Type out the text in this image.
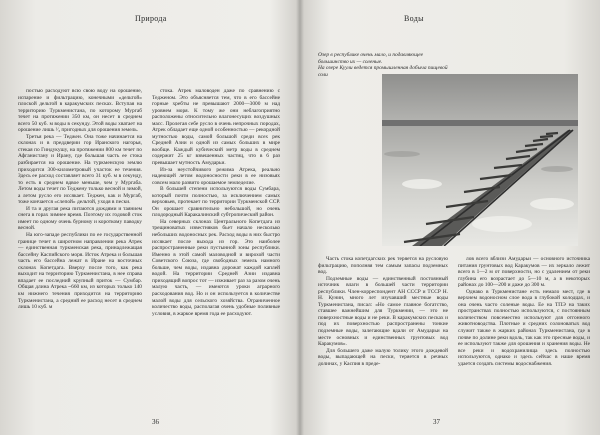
Природа

постью расходуют всю свою воду на орошение, испарение и фильтрацию, конечными «дельтой» плоской дельтой в каракумских песках. Вступая на территорию Туркменистана, по которому Мургаб течет на протяжении 350 км, он несет в среднем всего 50 куб. м воды в секунду. Этой воды хватает на орошение лишь ¹⁄₃ пригодных для орошения земель.

Третья река — Теджен. Она тоже начинается на склонах и в преддверии гор Иранского нагорья, стекая по Гиндукушу, на протяжении 800 км течет по Афганистану и Ирану, где большая часть ее стока разбирается на орошение. На туркменскую землю приходится 300-километровый участок ее течения. Здесь ее расход составляет всего 31 куб. м в секунду, то есть в среднем вдвое меньше, чем у Мургаба. Летом воды течет по Теджену только весной и зимой, а летом русло его иссякает. Теджен, как и Мургаб, тоже кончается «слепой» дельтой, уходя в пески.

И та и другая река питаются дождями и таянием снега в горах зимнее время. Поэтому их годовой сток имеет по одному очень бурному и короткому паводку весной.

На юго-западе республики по ее государственной границе течет в широтном направлении река Атрек — единственная туркменская река, принадлежащая бассейну Каспийского моря. Исток Атрека и большая часть его бассейна лежат в Иране на восточных склонах Копетдага. Вверху после того, как река выходит на территорию Туркменистана, в нее справа впадает ее последний крупный приток — Сумбар. Общая длина Атрека ~660 км, из которых только 140 км нижнего течения приходится на территорию Туркменистана, а средний ее расход несет в среднем лишь 10 куб. м

стока. Атрек маловоден даже по сравнению с Тедженом. Это объясняется тем, что в его бассейне горные хребты не превышают 2000—3000 м над уровнем моря. К тому же они неблагоприятно расположены относительно влагонесущих воздушных масс. Пролегая себе русло в очень непрочных породах, Атрек обладает еще одной особенностью — рекордной мутностью воды, самой большой среди всех рек Средней Азии и одной из самых больших в мире вообще. Каждый кубический метр воды в среднем содержит 25 кг взвешенных частиц, что в 6 раз превышает мутность Амударьи.

Из-за неустойчивого режима Атрека, реально надеющей летом водоносности реки в ее низовьях совсем мало развито орошаемое земледелие.

В большей степени используются воды Сумбара, который почти полностью, за исключением самых верховьев, протекает по территории Туркменской ССР. Он орошает сравнительно небольшой, но очень плодородный Каракалинский субтропический район.

На северных склонах Центрального Копетдага из трещиноватых известняков бьет начало несколько небольших водоносных рек. Расход воды в них быстро иссякает после выхода из гор. Это наиболее распространенные реки пустынной зоны республики. Именно в этой самой маловодной и вирохой части Советского Союза, где свободных земель намного больше, чем воды, издавна дорожат каждой каплей водой. На территории Средней Азии издавна приходящий вопрос тот — изживает раз за разом очень малую часть, — имеются уроки аграрного расходования вод. Но и он используется в количестве малой воды для сельского хозяйства. Ограниченное количество воды, располагая очень удобные поливные условия, в жаркое время года ее расходуют.

36
Воды

Озер в республике очень мало, и подавляющее большинство их — соленые.

На озере Куули ведется промышленная добыча пищевой соли

Часть стока копетдагских рек теряется на русловую фильтрацию, пополняя тем самым запасы подземных вод.

Подземные воды — единственный постоянный источник влаги в большей части территории республики. Член-корреспондент АН СССР и ТССР Н. Н. Кунин, много лет изучавший местные воды Туркменистана, писал: «Но самое главное богатство, ставшее важнейшим для Туркмении, — это не поверхностные воды и не реки. В каракумских песках и под их поверхностью распространены тонкие подземные воды, залегающие вдали от Амударьи на месте основных и единственных грунтовых вод Каракумов».

Для большего даже малую толику этого дождевой воды, выпадающей на пески, теряется в речных долинах, у Каспия в преде-

лов всего вблизи Амударьи — основного источника питания грунтовых вод Каракумов — их зеркало лежит всего в 1—2 м от поверхности, но с удалением от реки глубина его возрастает до 5—10 м, а в некоторых районах до 100—200 и даже до 300 м.

Однако в Туркменистане есть немало мест, где в верхнем водоносном слое вода в глубокой колодцах, и она очень часто соленые воды. Ее на ТПЭ на таких пространствах полностью используются, с постоянным количеством повсеместно используют для отгонного животноводства. Плотные и средних солоноватых вод служит также в жарких районах Туркменистана, где в почве по долине реки вдоль, так как это пресные воды, и ее используют также для орошения и хранения воды. Не все реки и водохранилища здесь полностью используются, однако и здесь сейчас в наше время удается создать системы водоснабжения.

37
